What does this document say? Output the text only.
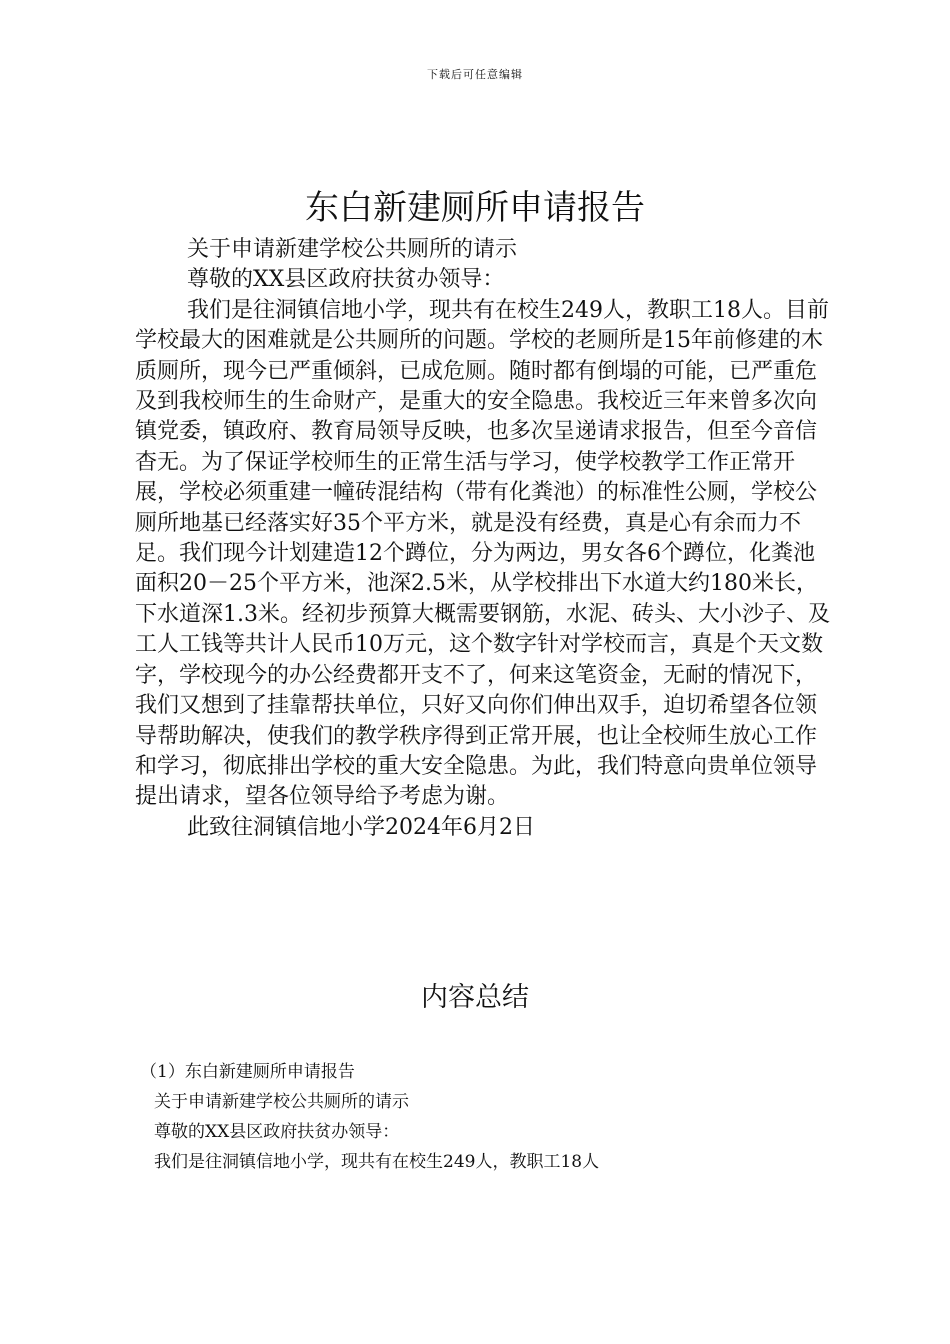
下载后可任意编辑
东白新建厕所申请报告

关于申请新建学校公共厕所的请示

尊敬的XX县区政府扶贫办领导：

我们是往洞镇信地小学，现共有在校生249人，教职工18人。目前学校最大的困难就是公共厕所的问题。学校的老厕所是15年前修建的木质厕所，现今已严重倾斜，已成危厕。随时都有倒塌的可能，已严重危及到我校师生的生命财产，是重大的安全隐患。我校近三年来曾多次向镇党委，镇政府、教育局领导反映，也多次呈递请求报告，但至今音信杳无。为了保证学校师生的正常生活与学习，使学校教学工作正常开展，学校必须重建一幢砖混结构（带有化粪池）的标准性公厕，学校公厕所地基已经落实好35个平方米，就是没有经费，真是心有余而力不足。我们现今计划建造12个蹲位，分为两边，男女各6个蹲位，化粪池面积20－25个平方米，池深2.5米，从学校排出下水道大约180米长，下水道深1.3米。经初步预算大概需要钢筋，水泥、砖头、大小沙子、及工人工钱等共计人民币10万元，这个数字针对学校而言，真是个天文数字，学校现今的办公经费都开支不了，何来这笔资金，无耐的情况下，我们又想到了挂靠帮扶单位，只好又向你们伸出双手，迫切希望各位领导帮助解决，使我们的教学秩序得到正常开展，也让全校师生放心工作和学习，彻底排出学校的重大安全隐患。为此，我们特意向贵单位领导提出请求，望各位领导给予考虑为谢。

此致往洞镇信地小学2024年6月2日

内容总结

（1）东白新建厕所申请报告

关于申请新建学校公共厕所的请示

尊敬的XX县区政府扶贫办领导：

我们是往洞镇信地小学，现共有在校生249人，教职工18人
